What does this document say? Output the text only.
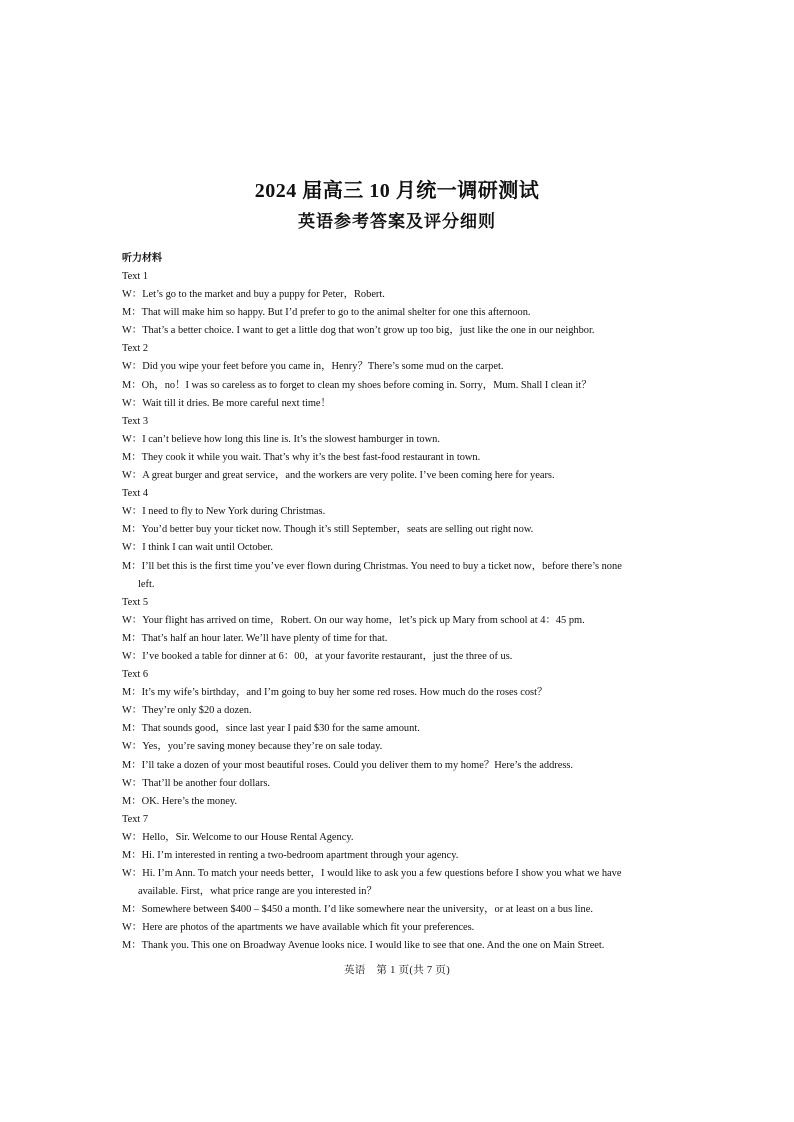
2024 届高三 10 月统一调研测试
英语参考答案及评分细则
听力材料
Text 1
W：Let’s go to the market and buy a puppy for Peter，Robert.
M：That will make him so happy. But I’d prefer to go to the animal shelter for one this afternoon.
W：That’s a better choice. I want to get a little dog that won’t grow up too big，just like the one in our neighbor.
Text 2
W：Did you wipe your feet before you came in，Henry？There’s some mud on the carpet.
M：Oh，no！I was so careless as to forget to clean my shoes before coming in. Sorry，Mum. Shall I clean it？
W：Wait till it dries. Be more careful next time！
Text 3
W：I can’t believe how long this line is. It’s the slowest hamburger in town.
M：They cook it while you wait. That’s why it’s the best fast-food restaurant in town.
W：A great burger and great service，and the workers are very polite. I’ve been coming here for years.
Text 4
W：I need to fly to New York during Christmas.
M：You’d better buy your ticket now. Though it’s still September，seats are selling out right now.
W：I think I can wait until October.
M：I’ll bet this is the first time you’ve ever flown during Christmas. You need to buy a ticket now，before there’s none
left.
Text 5
W：Your flight has arrived on time，Robert. On our way home，let’s pick up Mary from school at 4：45 pm.
M：That’s half an hour later. We’ll have plenty of time for that.
W：I’ve booked a table for dinner at 6：00，at your favorite restaurant，just the three of us.
Text 6
M：It’s my wife’s birthday，and I’m going to buy her some red roses. How much do the roses cost？
W：They’re only $20 a dozen.
M：That sounds good，since last year I paid $30 for the same amount.
W：Yes，you’re saving money because they’re on sale today.
M：I’ll take a dozen of your most beautiful roses. Could you deliver them to my home？Here’s the address.
W：That’ll be another four dollars.
M：OK. Here’s the money.
Text 7
W：Hello，Sir. Welcome to our House Rental Agency.
M：Hi. I’m interested in renting a two-bedroom apartment through your agency.
W：Hi. I’m Ann. To match your needs better，I would like to ask you a few questions before I show you what we have
available. First，what price range are you interested in？
M：Somewhere between $400 – $450 a month. I’d like somewhere near the university，or at least on a bus line.
W：Here are photos of the apartments we have available which fit your preferences.
M：Thank you. This one on Broadway Avenue looks nice. I would like to see that one. And the one on Main Street.
英语　第 1 页(共 7 页)
